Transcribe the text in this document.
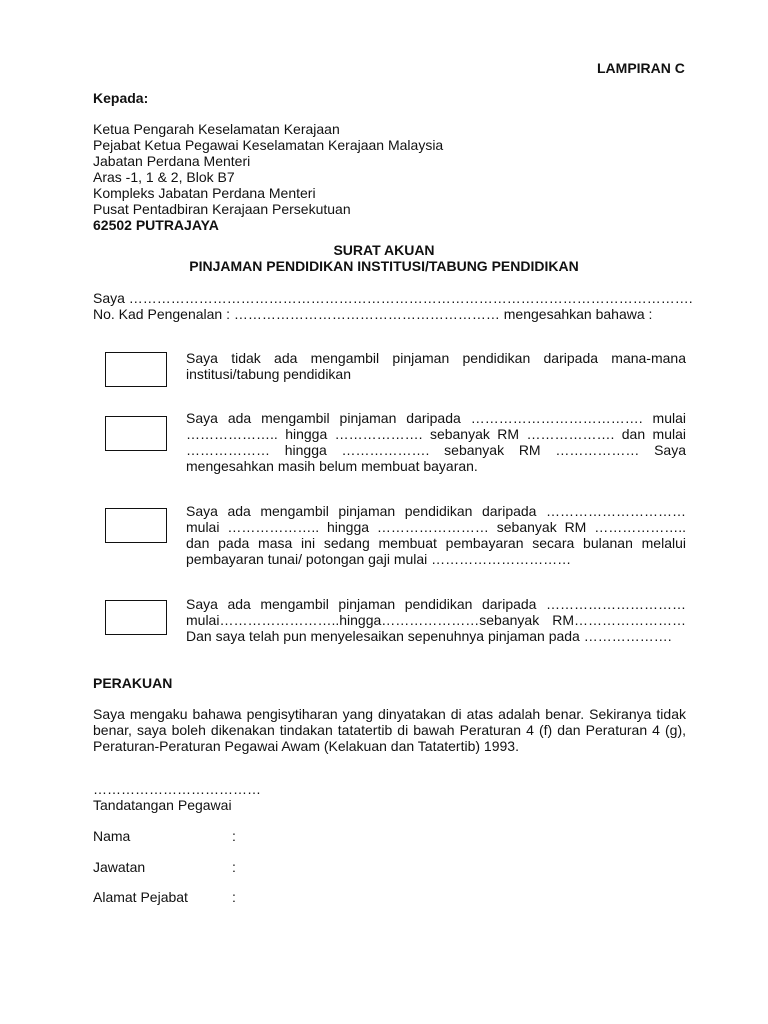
LAMPIRAN C
Kepada:
Ketua Pengarah Keselamatan Kerajaan
Pejabat Ketua Pegawai Keselamatan Kerajaan Malaysia
Jabatan Perdana Menteri
Aras -1, 1 & 2, Blok B7
Kompleks Jabatan Perdana Menteri
Pusat Pentadbiran Kerajaan Persekutuan
62502 PUTRAJAYA
SURAT AKUAN
PINJAMAN PENDIDIKAN INSTITUSI/TABUNG PENDIDIKAN
Saya ………………………………………………………………………………………………………….
No. Kad Pengenalan : ………………………………………………… mengesahkan bahawa :
Saya tidak ada mengambil pinjaman pendidikan daripada mana-mana
institusi/tabung pendidikan
Saya ada mengambil pinjaman daripada ………………………………. mulai
……………….. hingga ………………. sebanyak RM ………………. dan mulai
……………… hingga ………………. sebanyak RM ……………… Saya
mengesahkan masih belum membuat bayaran.
Saya ada mengambil pinjaman pendidikan daripada …………………………
mulai ……………….. hingga …………………… sebanyak RM ………………..
dan pada masa ini sedang membuat pembayaran secara bulanan melalui
pembayaran tunai/ potongan gaji mulai …………………………
Saya ada mengambil pinjaman pendidikan daripada …………………………
mulai……………………..hingga…………………sebanyak RM……………………
Dan saya telah pun menyelesaikan sepenuhnya pinjaman pada ……………….
PERAKUAN
Saya mengaku bahawa pengisytiharan yang dinyatakan di atas adalah benar. Sekiranya tidak
benar, saya boleh dikenakan tindakan tatatertib di bawah Peraturan 4 (f) dan Peraturan 4 (g),
Peraturan-Peraturan Pegawai Awam (Kelakuan dan Tatatertib) 1993.
………………………………
Tandatangan Pegawai
Nama	:
Jawatan	:
Alamat Pejabat	:
